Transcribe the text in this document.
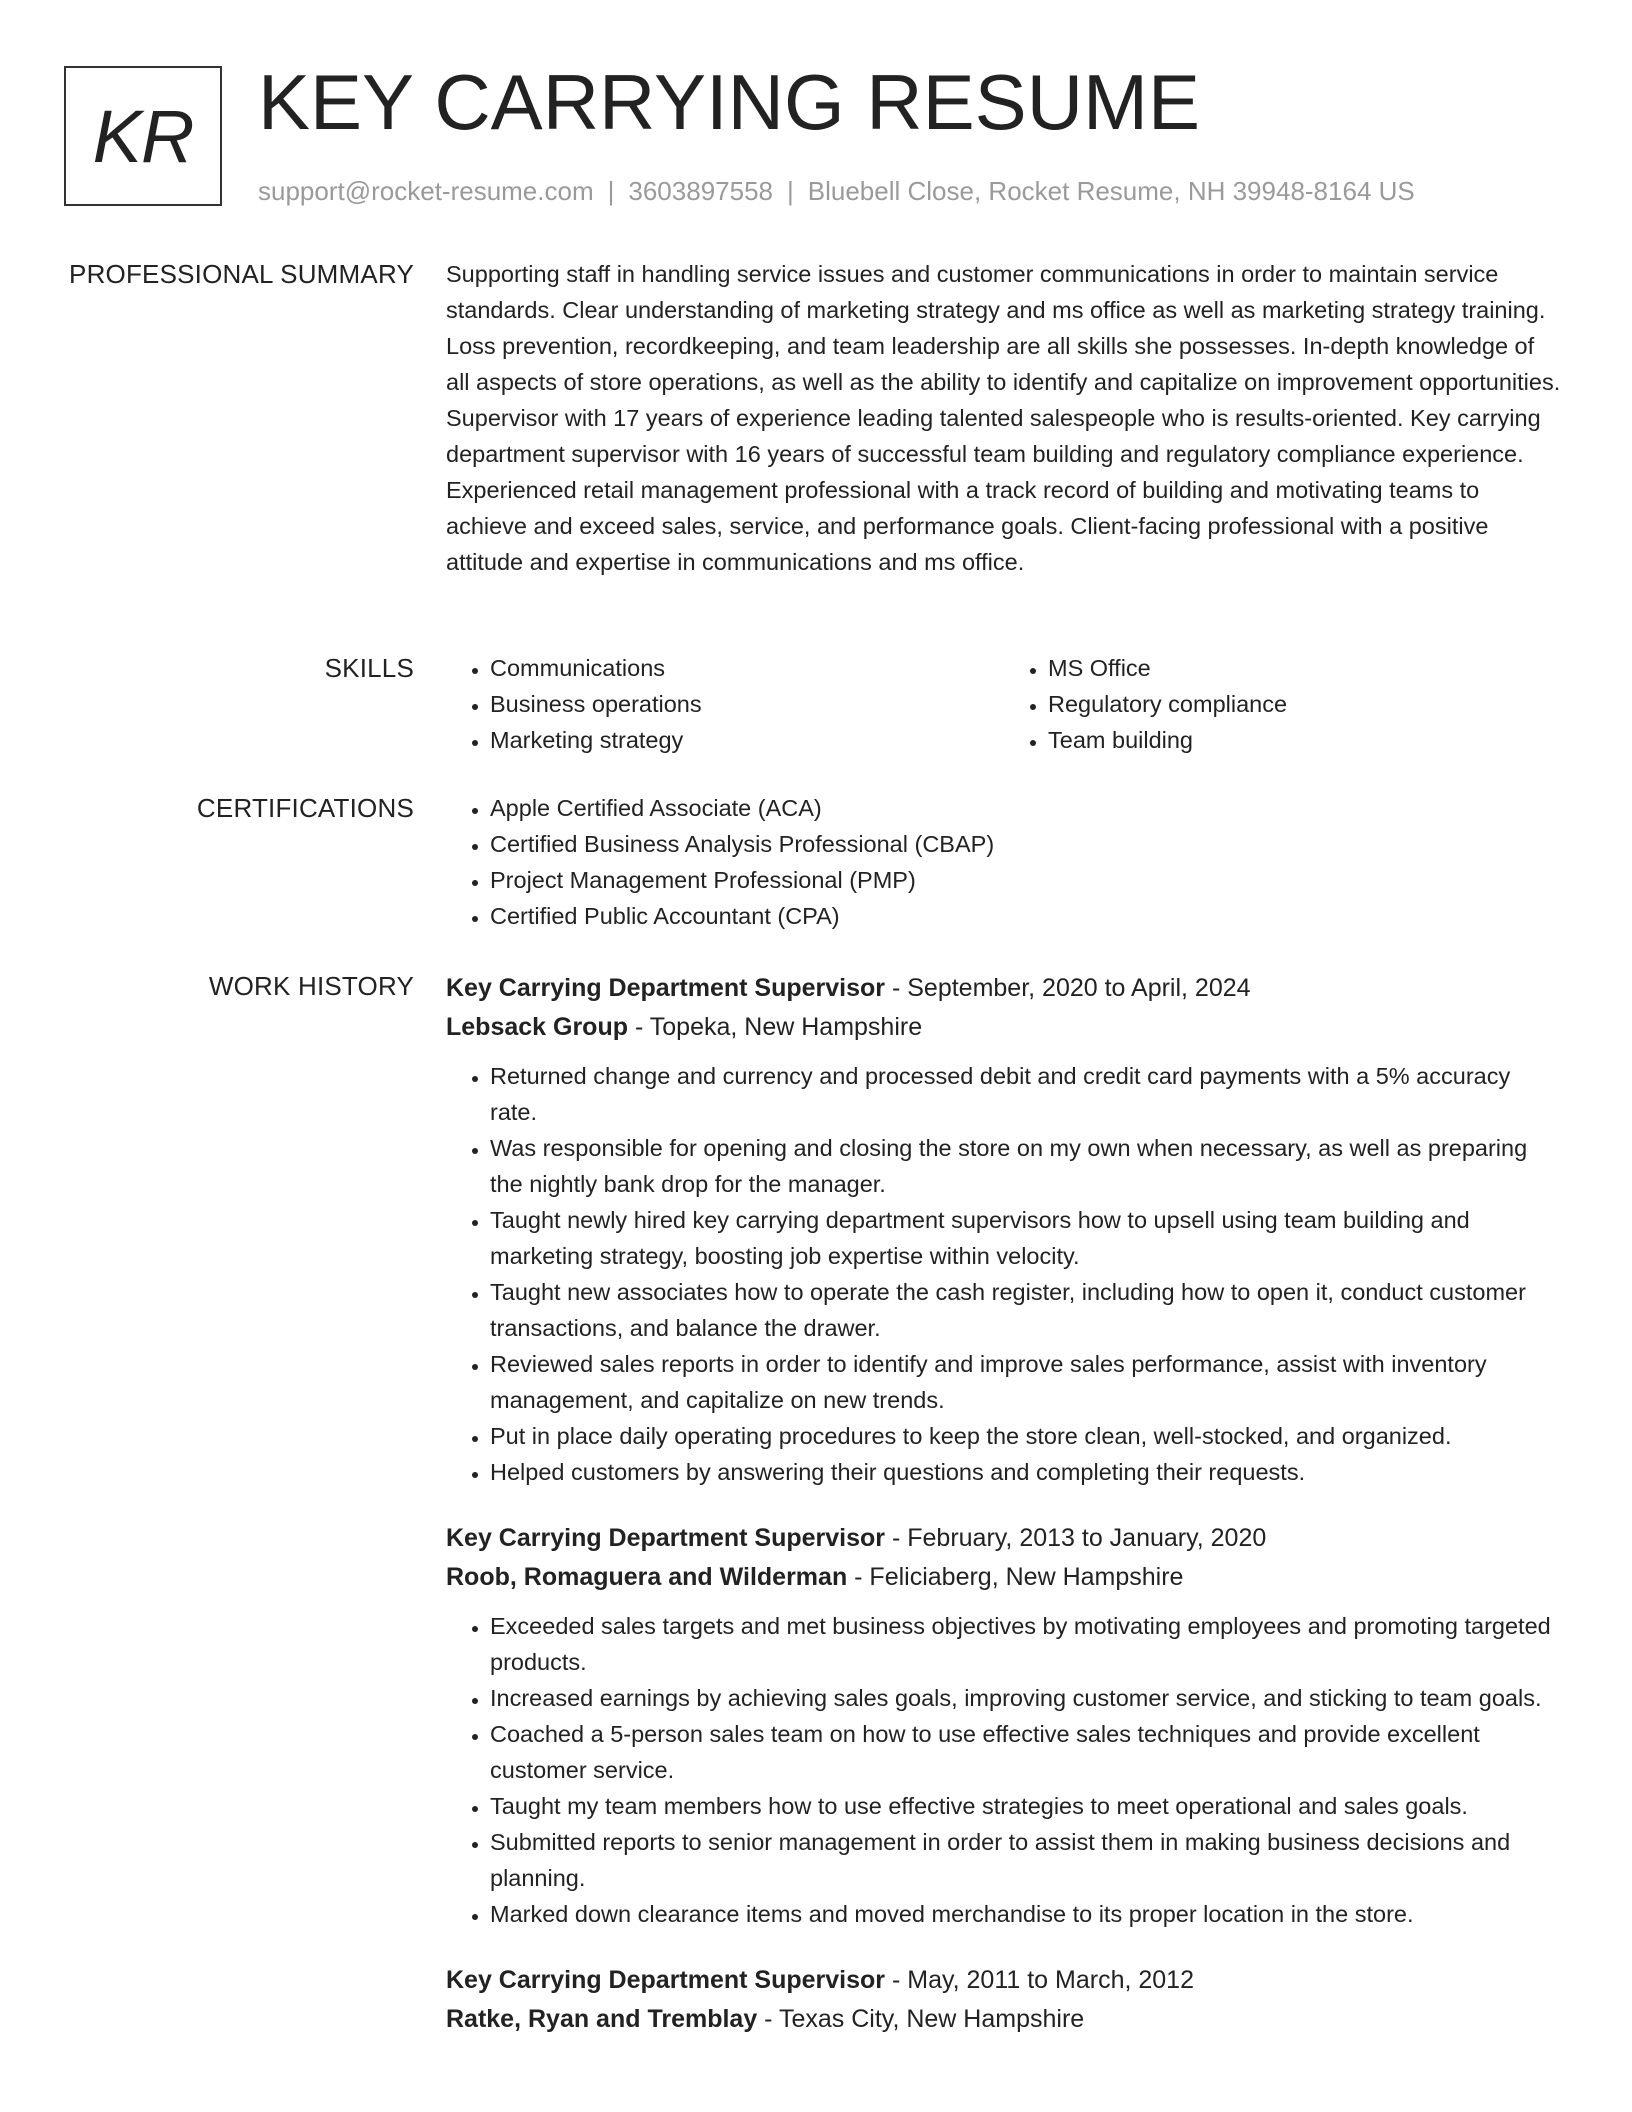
KR KEY CARRYING RESUME
support@rocket-resume.com | 3603897558 | Bluebell Close, Rocket Resume, NH 39948-8164 US
PROFESSIONAL SUMMARY Supporting staff in handling service issues and customer communications in order to maintain service standards. Clear understanding of marketing strategy and ms office as well as marketing strategy training. Loss prevention, recordkeeping, and team leadership are all skills she possesses. In-depth knowledge of all aspects of store operations, as well as the ability to identify and capitalize on improvement opportunities. Supervisor with 17 years of experience leading talented salespeople who is results-oriented. Key carrying department supervisor with 16 years of successful team building and regulatory compliance experience. Experienced retail management professional with a track record of building and motivating teams to achieve and exceed sales, service, and performance goals. Client-facing professional with a positive attitude and expertise in communications and ms office.

SKILLS	• Communications
• Business operations
• Marketing strategy
• MS Office
• Regulatory compliance
• Team building
CERTIFICATIONS	• Apple Certified Associate (ACA)
• Certified Business Analysis Professional (CBAP)
• Project Management Professional (PMP)
• Certified Public Accountant (CPA)
WORK HISTORY Key Carrying Department Supervisor - September, 2020 to April, 2024
Lebsack Group - Topeka, New Hampshire
• Returned change and currency and processed debit and credit card payments with a 5% accuracy rate.
• Was responsible for opening and closing the store on my own when necessary, as well as preparing the nightly bank drop for the manager.
• Taught newly hired key carrying department supervisors how to upsell using team building and marketing strategy, boosting job expertise within velocity.
• Taught new associates how to operate the cash register, including how to open it, conduct customer transactions, and balance the drawer.
• Reviewed sales reports in order to identify and improve sales performance, assist with inventory management, and capitalize on new trends.
• Put in place daily operating procedures to keep the store clean, well-stocked, and organized.
• Helped customers by answering their questions and completing their requests.
Key Carrying Department Supervisor - February, 2013 to January, 2020
Roob, Romaguera and Wilderman - Feliciaberg, New Hampshire
• Exceeded sales targets and met business objectives by motivating employees and promoting targeted products.
• Increased earnings by achieving sales goals, improving customer service, and sticking to team goals.
• Coached a 5-person sales team on how to use effective sales techniques and provide excellent customer service.
• Taught my team members how to use effective strategies to meet operational and sales goals.
• Submitted reports to senior management in order to assist them in making business decisions and planning.
• Marked down clearance items and moved merchandise to its proper location in the store.
Key Carrying Department Supervisor - May, 2011 to March, 2012
Ratke, Ryan and Tremblay - Texas City, New Hampshire
